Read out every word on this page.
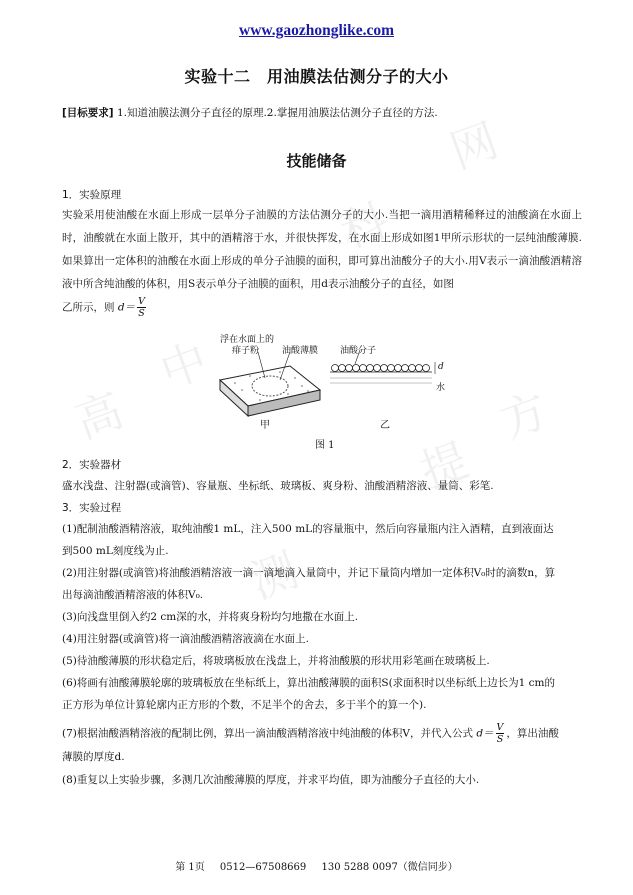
高
中
科
网
测
提
方
www.gaozhonglike.com
实验十二　用油膜法估测分子的大小
[目标要求] 1.知道油膜法测分子直径的原理.2.掌握用油膜法估测分子直径的方法.
技能储备
1．实验原理
实验采用使油酸在水面上形成一层单分子油膜的方法估测分子的大小.当把一滴用酒精稀释过的油酸滴在水面上时，油酸就在水面上散开，其中的酒精溶于水，并很快挥发，在水面上形成如图1甲所示形状的一层纯油酸薄膜.如果算出一定体积的油酸在水面上形成的单分子油膜的面积，即可算出油酸分子的大小.用V表示一滴油酸酒精溶液中所含纯油酸的体积，用S表示单分子油膜的面积，用d表示油酸分子的直径，如图
乙所示，则 $d= \frac{V}{S}$
浮在水面上的
痱子粉	油酸薄膜 油酸分子
d
水
甲	乙
图 1
2．实验器材
盛水浅盘、注射器(或滴管)、容量瓶、坐标纸、玻璃板、爽身粉、油酸酒精溶液、量筒、彩笔.
3．实验过程
(1)配制油酸酒精溶液，取纯油酸1 mL，注入500 mL的容量瓶中，然后向容量瓶内注入酒精，直到液面达
到500 mL刻度线为止.
(2)用注射器(或滴管)将油酸酒精溶液一滴一滴地滴入量筒中，并记下量筒内增加一定体积V₀时的滴数n，算
出每滴油酸酒精溶液的体积V₀.
(3)向浅盘里倒入约2 cm深的水，并将爽身粉均匀地撒在水面上.
(4)用注射器(或滴管)将一滴油酸酒精溶液滴在水面上.
(5)待油酸薄膜的形状稳定后，将玻璃板放在浅盘上，并将油酸膜的形状用彩笔画在玻璃板上.
(6)将画有油酸薄膜轮廓的玻璃板放在坐标纸上，算出油酸薄膜的面积S(求面积时以坐标纸上边长为1 cm的
正方形为单位计算轮廓内正方形的个数，不足半个的舍去，多于半个的算一个).
(7)根据油酸酒精溶液的配制比例，算出一滴油酸酒精溶液中纯油酸的体积V，并代入公式 $d= \frac{V}{S}$ ，算出油酸
薄膜的厚度d.
(8)重复以上实验步骤，多测几次油酸薄膜的厚度，并求平均值，即为油酸分子直径的大小.
第 1页 0512—67508669 130 5288 0097（微信同步）
